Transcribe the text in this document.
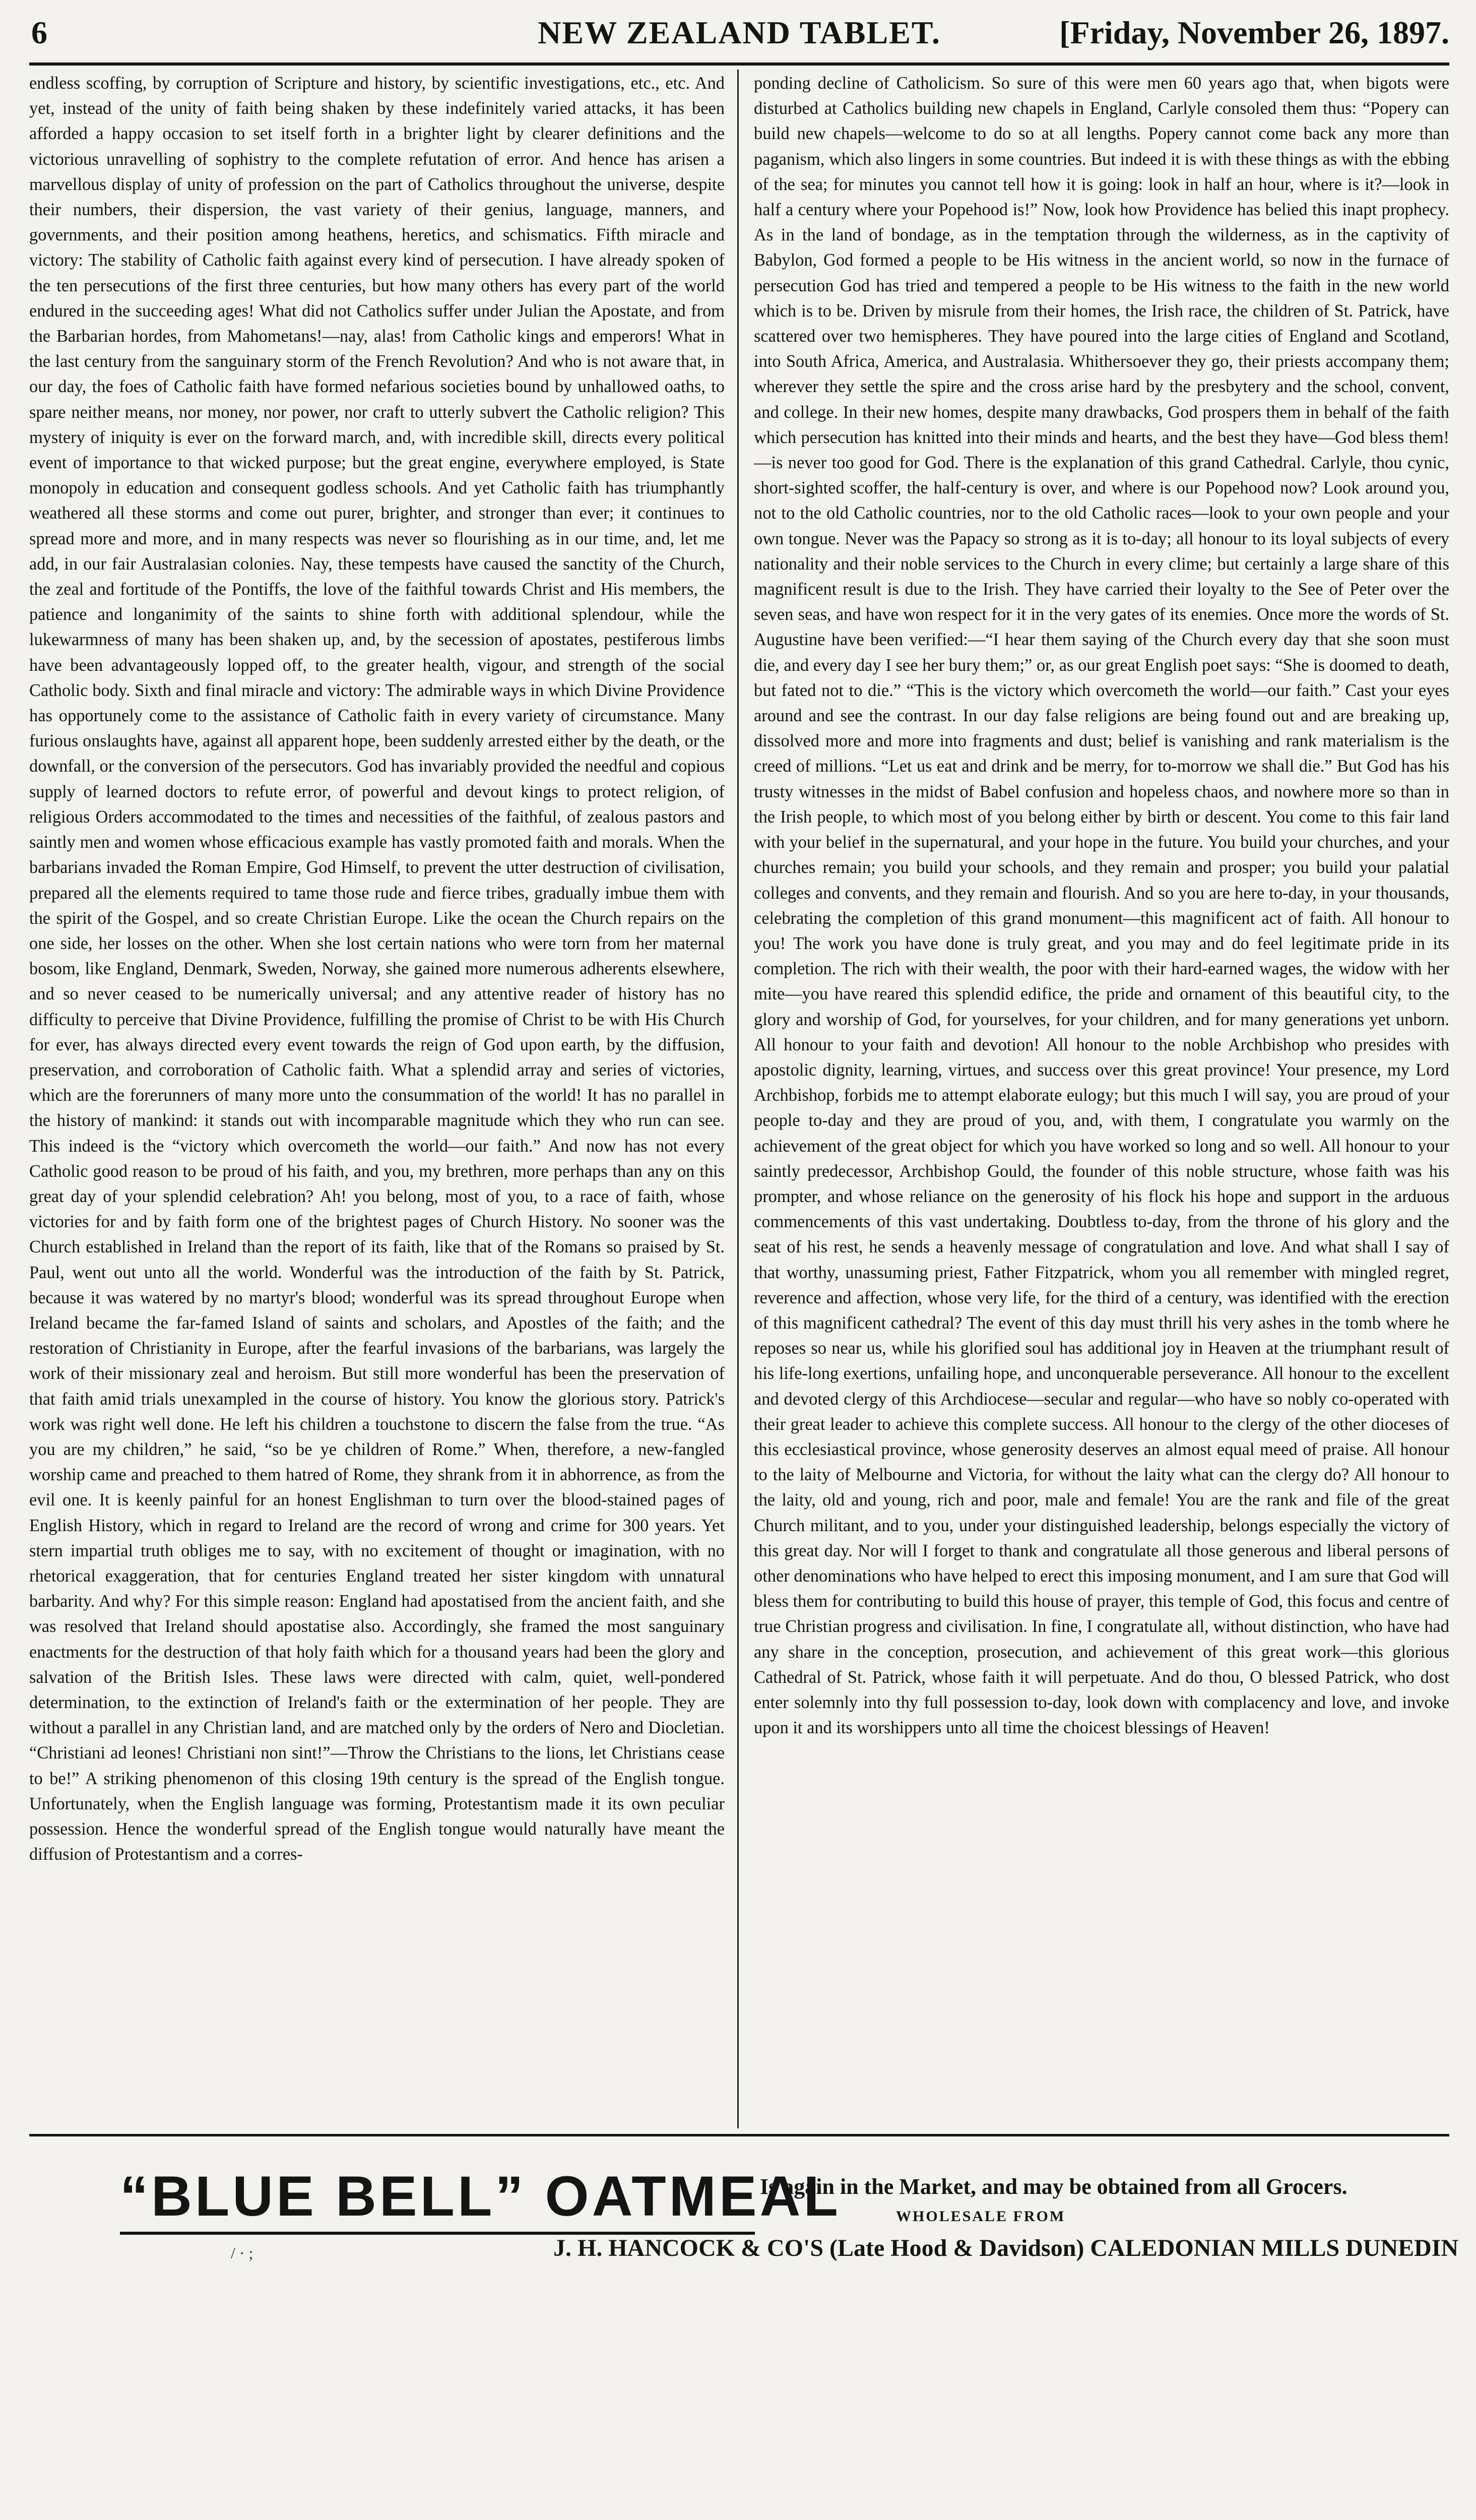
6	NEW ZEALAND TABLET.	[Friday, November 26, 1897.

endless scoffing, by corruption of Scripture and history, by scientific investigations, etc., etc. And yet, instead of the unity of faith being shaken by these indefinitely varied attacks, it has been afforded a happy occasion to set itself forth in a brighter light by clearer definitions and the victorious unravelling of sophistry to the complete refutation of error. And hence has arisen a marvellous display of unity of profession on the part of Catholics throughout the universe, despite their numbers, their dispersion, the vast variety of their genius, language, manners, and governments, and their position among heathens, heretics, and schismatics. Fifth miracle and victory: The stability of Catholic faith against every kind of persecution. I have already spoken of the ten persecutions of the first three centuries, but how many others has every part of the world endured in the succeeding ages! What did not Catholics suffer under Julian the Apostate, and from the Barbarian hordes, from Mahometans!—nay, alas! from Catholic kings and emperors! What in the last century from the sanguinary storm of the French Revolution? And who is not aware that, in our day, the foes of Catholic faith have formed nefarious societies bound by unhallowed oaths, to spare neither means, nor money, nor power, nor craft to utterly subvert the Catholic religion? This mystery of iniquity is ever on the forward march, and, with incredible skill, directs every political event of importance to that wicked purpose; but the great engine, everywhere employed, is State monopoly in education and consequent godless schools. And yet Catholic faith has triumphantly weathered all these storms and come out purer, brighter, and stronger than ever; it continues to spread more and more, and in many respects was never so flourishing as in our time, and, let me add, in our fair Australasian colonies. Nay, these tempests have caused the sanctity of the Church, the zeal and fortitude of the Pontiffs, the love of the faithful towards Christ and His members, the patience and longanimity of the saints to shine forth with additional splendour, while the lukewarmness of many has been shaken up, and, by the secession of apostates, pestiferous limbs have been advantageously lopped off, to the greater health, vigour, and strength of the social Catholic body. Sixth and final miracle and victory: The admirable ways in which Divine Providence has opportunely come to the assistance of Catholic faith in every variety of circumstance. Many furious onslaughts have, against all apparent hope, been suddenly arrested either by the death, or the downfall, or the conversion of the persecutors. God has invariably provided the needful and copious supply of learned doctors to refute error, of powerful and devout kings to protect religion, of religious Orders accommodated to the times and necessities of the faithful, of zealous pastors and saintly men and women whose efficacious example has vastly promoted faith and morals. When the barbarians invaded the Roman Empire, God Himself, to prevent the utter destruction of civilisation, prepared all the elements required to tame those rude and fierce tribes, gradually imbue them with the spirit of the Gospel, and so create Christian Europe. Like the ocean the Church repairs on the one side, her losses on the other. When she lost certain nations who were torn from her maternal bosom, like England, Denmark, Sweden, Norway, she gained more numerous adherents elsewhere, and so never ceased to be numerically universal; and any attentive reader of history has no difficulty to perceive that Divine Providence, fulfilling the promise of Christ to be with His Church for ever, has always directed every event towards the reign of God upon earth, by the diffusion, preservation, and corroboration of Catholic faith. What a splendid array and series of victories, which are the forerunners of many more unto the consummation of the world! It has no parallel in the history of mankind: it stands out with incomparable magnitude which they who run can see. This indeed is the “victory which overcometh the world—our faith.” And now has not every Catholic good reason to be proud of his faith, and you, my brethren, more perhaps than any on this great day of your splendid celebration? Ah! you belong, most of you, to a race of faith, whose victories for and by faith form one of the brightest pages of Church History. No sooner was the Church established in Ireland than the report of its faith, like that of the Romans so praised by St. Paul, went out unto all the world. Wonderful was the introduction of the faith by St. Patrick, because it was watered by no martyr's blood; wonderful was its spread throughout Europe when Ireland became the far-famed Island of saints and scholars, and Apostles of the faith; and the restoration of Christianity in Europe, after the fearful invasions of the barbarians, was largely the work of their missionary zeal and heroism. But still more wonderful has been the preservation of that faith amid trials unexampled in the course of history. You know the glorious story. Patrick's work was right well done. He left his children a touchstone to discern the false from the true. “As you are my children,” he said, “so be ye children of Rome.” When, therefore, a new-fangled worship came and preached to them hatred of Rome, they shrank from it in abhorrence, as from the evil one. It is keenly painful for an honest Englishman to turn over the blood-stained pages of English History, which in regard to Ireland are the record of wrong and crime for 300 years. Yet stern impartial truth obliges me to say, with no excitement of thought or imagination, with no rhetorical exaggeration, that for centuries England treated her sister kingdom with unnatural barbarity. And why? For this simple reason: England had apostatised from the ancient faith, and she was resolved that Ireland should apostatise also. Accordingly, she framed the most sanguinary enactments for the destruction of that holy faith which for a thousand years had been the glory and salvation of the British Isles. These laws were directed with calm, quiet, well-pondered determination, to the extinction of Ireland's faith or the extermination of her people. They are without a parallel in any Christian land, and are matched only by the orders of Nero and Diocletian. “Christiani ad leones! Christiani non sint!”—Throw the Christians to the lions, let Christians cease to be!” A striking phenomenon of this closing 19th century is the spread of the English tongue. Unfortunately, when the English language was forming, Protestantism made it its own peculiar possession. Hence the wonderful spread of the English tongue would naturally have meant the diffusion of Protestantism and a corres-

ponding decline of Catholicism. So sure of this were men 60 years ago that, when bigots were disturbed at Catholics building new chapels in England, Carlyle consoled them thus: “Popery can build new chapels—welcome to do so at all lengths. Popery cannot come back any more than paganism, which also lingers in some countries. But indeed it is with these things as with the ebbing of the sea; for minutes you cannot tell how it is going: look in half an hour, where is it?—look in half a century where your Popehood is!” Now, look how Providence has belied this inapt prophecy. As in the land of bondage, as in the temptation through the wilderness, as in the captivity of Babylon, God formed a people to be His witness in the ancient world, so now in the furnace of persecution God has tried and tempered a people to be His witness to the faith in the new world which is to be. Driven by misrule from their homes, the Irish race, the children of St. Patrick, have scattered over two hemispheres. They have poured into the large cities of England and Scotland, into South Africa, America, and Australasia. Whithersoever they go, their priests accompany them; wherever they settle the spire and the cross arise hard by the presbytery and the school, convent, and college. In their new homes, despite many drawbacks, God prospers them in behalf of the faith which persecution has knitted into their minds and hearts, and the best they have—God bless them!—is never too good for God. There is the explanation of this grand Cathedral. Carlyle, thou cynic, short-sighted scoffer, the half-century is over, and where is our Popehood now? Look around you, not to the old Catholic countries, nor to the old Catholic races—look to your own people and your own tongue. Never was the Papacy so strong as it is to-day; all honour to its loyal subjects of every nationality and their noble services to the Church in every clime; but certainly a large share of this magnificent result is due to the Irish. They have carried their loyalty to the See of Peter over the seven seas, and have won respect for it in the very gates of its enemies. Once more the words of St. Augustine have been verified:—“I hear them saying of the Church every day that she soon must die, and every day I see her bury them;” or, as our great English poet says: “She is doomed to death, but fated not to die.” “This is the victory which overcometh the world—our faith.” Cast your eyes around and see the contrast. In our day false religions are being found out and are breaking up, dissolved more and more into fragments and dust; belief is vanishing and rank materialism is the creed of millions. “Let us eat and drink and be merry, for to-morrow we shall die.” But God has his trusty witnesses in the midst of Babel confusion and hopeless chaos, and nowhere more so than in the Irish people, to which most of you belong either by birth or descent. You come to this fair land with your belief in the supernatural, and your hope in the future. You build your churches, and your churches remain; you build your schools, and they remain and prosper; you build your palatial colleges and convents, and they remain and flourish. And so you are here to-day, in your thousands, celebrating the completion of this grand monument—this magnificent act of faith. All honour to you! The work you have done is truly great, and you may and do feel legitimate pride in its completion. The rich with their wealth, the poor with their hard-earned wages, the widow with her mite—you have reared this splendid edifice, the pride and ornament of this beautiful city, to the glory and worship of God, for yourselves, for your children, and for many generations yet unborn. All honour to your faith and devotion! All honour to the noble Archbishop who presides with apostolic dignity, learning, virtues, and success over this great province! Your presence, my Lord Archbishop, forbids me to attempt elaborate eulogy; but this much I will say, you are proud of your people to-day and they are proud of you, and, with them, I congratulate you warmly on the achievement of the great object for which you have worked so long and so well. All honour to your saintly predecessor, Archbishop Gould, the founder of this noble structure, whose faith was his prompter, and whose reliance on the generosity of his flock his hope and support in the arduous commencements of this vast undertaking. Doubtless to-day, from the throne of his glory and the seat of his rest, he sends a heavenly message of congratulation and love. And what shall I say of that worthy, unassuming priest, Father Fitzpatrick, whom you all remember with mingled regret, reverence and affection, whose very life, for the third of a century, was identified with the erection of this magnificent cathedral? The event of this day must thrill his very ashes in the tomb where he reposes so near us, while his glorified soul has additional joy in Heaven at the triumphant result of his life-long exertions, unfailing hope, and unconquerable perseverance. All honour to the excellent and devoted clergy of this Archdiocese—secular and regular—who have so nobly co-operated with their great leader to achieve this complete success. All honour to the clergy of the other dioceses of this ecclesiastical province, whose generosity deserves an almost equal meed of praise. All honour to the laity of Melbourne and Victoria, for without the laity what can the clergy do? All honour to the laity, old and young, rich and poor, male and female! You are the rank and file of the great Church militant, and to you, under your distinguished leadership, belongs especially the victory of this great day. Nor will I forget to thank and congratulate all those generous and liberal persons of other denominations who have helped to erect this imposing monument, and I am sure that God will bless them for contributing to build this house of prayer, this temple of God, this focus and centre of true Christian progress and civilisation. In fine, I congratulate all, without distinction, who have had any share in the conception, prosecution, and achievement of this great work—this glorious Cathedral of St. Patrick, whose faith it will perpetuate. And do thou, O blessed Patrick, who dost enter solemnly into thy full possession to-day, look down with complacency and love, and invoke upon it and its worshippers unto all time the choicest blessings of Heaven!

“BLUE BELL” OATMEAL
Is again in the Market, and may be obtained from all Grocers.
WHOLESALE FROM
/ · ;	J. H. HANCOCK & CO'S (Late Hood & Davidson) CALEDONIAN MILLS DUNEDIN
